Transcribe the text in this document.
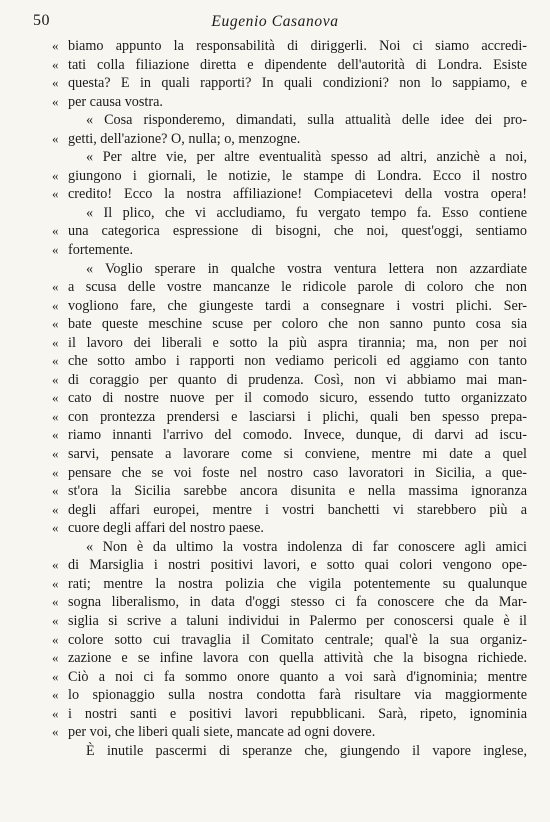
50	Eugenio Casanova
« biamo appunto la responsabilità di diriggerli. Noi ci siamo accredi-
« tati colla filiazione diretta e dipendente dell'autorità di Londra. Esiste
« questa? E in quali rapporti? In quali condizioni? non lo sappiamo, e
« per causa vostra.
« Cosa risponderemo, dimandati, sulla attualità delle idee dei pro-
« getti, dell'azione? O, nulla; o, menzogne.
« Per altre vie, per altre eventualità spesso ad altri, anzichè a noi,
« giungono i giornali, le notizie, le stampe di Londra. Ecco il nostro
« credito! Ecco la nostra affiliazione! Compiacetevi della vostra opera!
« Il plico, che vi accludiamo, fu vergato tempo fa. Esso contiene
« una categorica espressione di bisogni, che noi, quest'oggi, sentiamo
« fortemente.
« Voglio sperare in qualche vostra ventura lettera non azzardiate
« a scusa delle vostre mancanze le ridicole parole di coloro che non
« vogliono fare, che giungeste tardi a consegnare i vostri plichi. Ser-
« bate queste meschine scuse per coloro che non sanno punto cosa sia
« il lavoro dei liberali e sotto la più aspra tirannia; ma, non per noi
« che sotto ambo i rapporti non vediamo pericoli ed aggiamo con tanto
« di coraggio per quanto di prudenza. Così, non vi abbiamo mai man-
« cato di nostre nuove per il comodo sicuro, essendo tutto organizzato
« con prontezza prendersi e lasciarsi i plichi, quali ben spesso prepa-
« riamo innanti l'arrivo del comodo. Invece, dunque, di darvi ad iscu-
« sarvi, pensate a lavorare come si conviene, mentre mi date a quel
« pensare che se voi foste nel nostro caso lavoratori in Sicilia, a que-
« st'ora la Sicilia sarebbe ancora disunita e nella massima ignoranza
« degli affari europei, mentre i vostri banchetti vi starebbero più a
« cuore degli affari del nostro paese.
« Non è da ultimo la vostra indolenza di far conoscere agli amici
« di Marsiglia i nostri positivi lavori, e sotto quai colori vengono ope-
« rati; mentre la nostra polizia che vigila potentemente su qualunque
« sogna liberalismo, in data d'oggi stesso ci fa conoscere che da Mar-
« siglia si scrive a taluni individui in Palermo per conoscersi quale è il
« colore sotto cui travaglia il Comitato centrale; qual'è la sua organiz-
« zazione e se infine lavora con quella attività che la bisogna richiede.
« Ciò a noi ci fa sommo onore quanto a voi sarà d'ignominia; mentre
« lo spionaggio sulla nostra condotta farà risultare via maggiormente
« i nostri santi e positivi lavori repubblicani. Sarà, ripeto, ignominia
« per voi, che liberi quali siete, mancate ad ogni dovere.
È inutile pascermi di speranze che, giungendo il vapore inglese,
